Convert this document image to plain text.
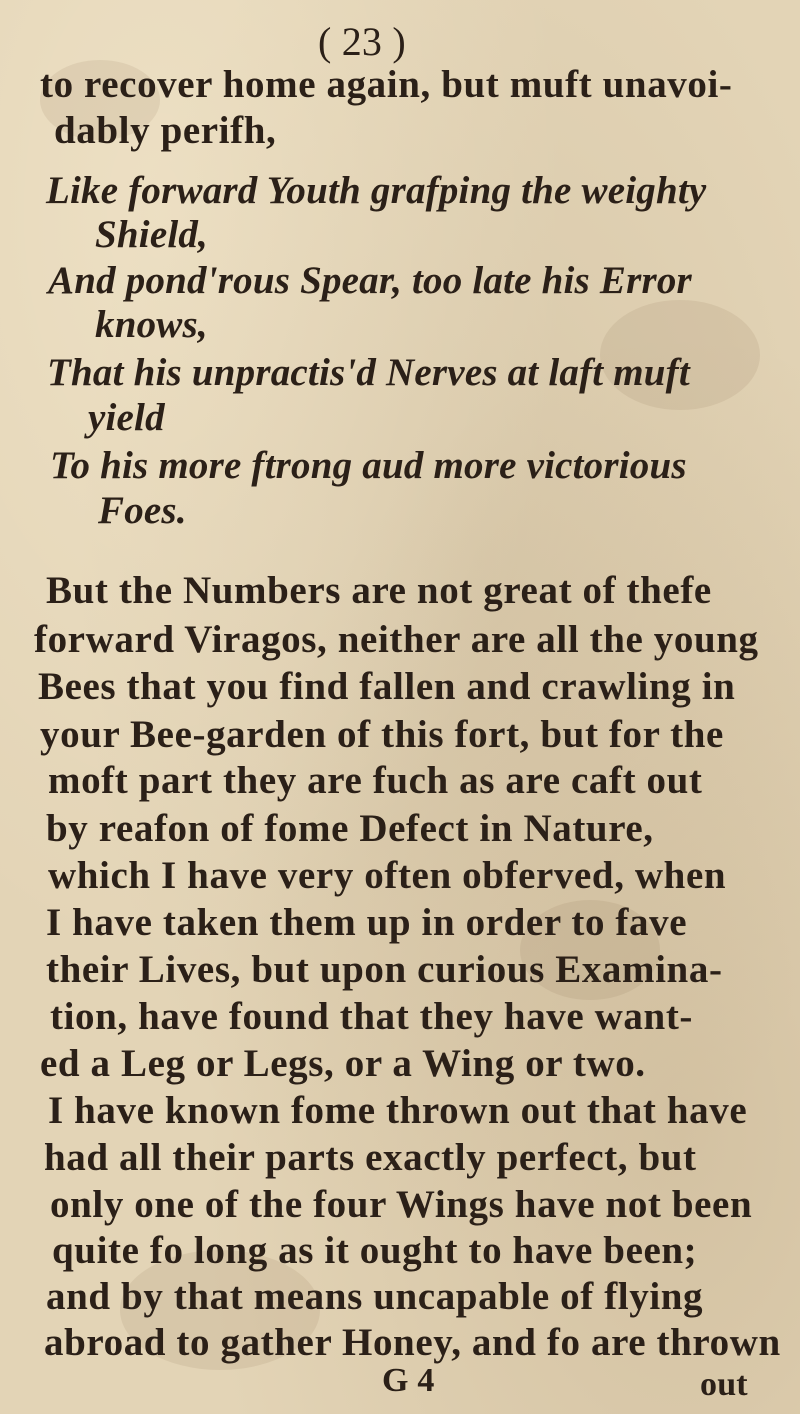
( 23 )
to recover home again, but muft unavoi-
dably perifh,
Like forward Youth grafping the weighty
Shield,
And pond'rous Spear, too late his Error
knows,
That his unpractis'd Nerves at laft muft
yield
To his more ftrong aud more victorious
Foes.
But the Numbers are not great of thefe
forward Viragos, neither are all the young
Bees that you find fallen and crawling in
your Bee-garden of this fort, but for the
moft part they are fuch as are caft out
by reafon of fome Defect in Nature,
which I have very often obferved, when
I have taken them up in order to fave
their Lives, but upon curious Examina-
tion, have found that they have want-
ed a Leg or Legs, or a Wing or two.
I have known fome thrown out that have
had all their parts exactly perfect, but
only one of the four Wings have not been
quite fo long as it ought to have been;
and by that means uncapable of flying
abroad to gather Honey, and fo are thrown
G 4	out
